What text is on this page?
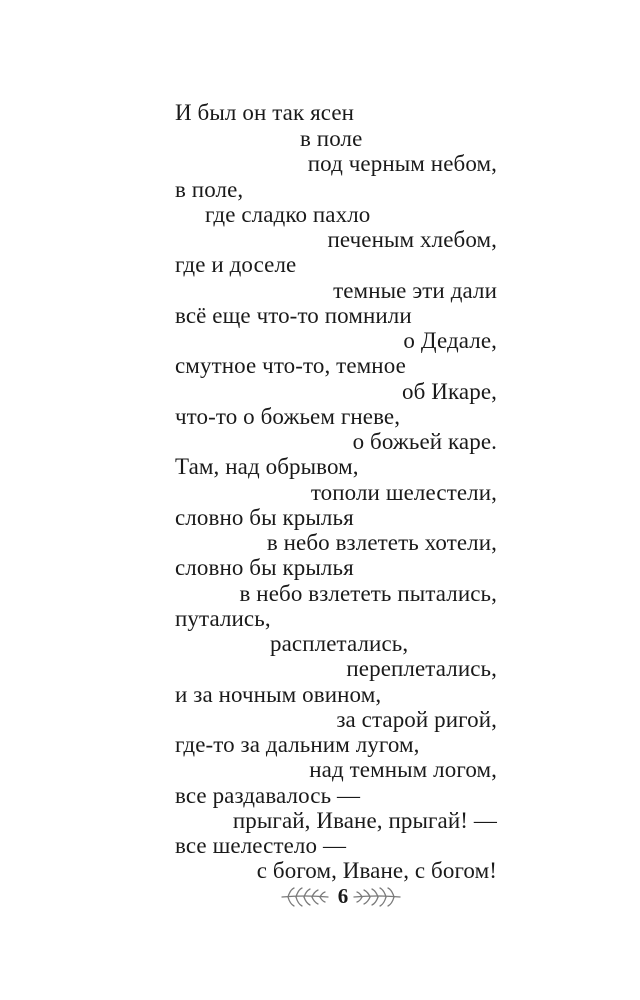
И был он так ясен
в поле
под черным небом,
в поле,
где сладко пахло
печеным хлебом,
где и доселе
темные эти дали
всё еще что-то помнили
о Дедале,
смутное что-то, темное
об Икаре,
что-то о божьем гневе,
о божьей каре.
Там, над обрывом,
тополи шелестели,
словно бы крылья
в небо взлететь хотели,
словно бы крылья
в небо взлететь пытались,
путались,
расплетались,
переплетались,
и за ночным овином,
за старой ригой,
где-то за дальним лугом,
над темным логом,
все раздавалось —
прыгай, Иване, прыгай! —
все шелестело —
с богом, Иване, с богом!
6
